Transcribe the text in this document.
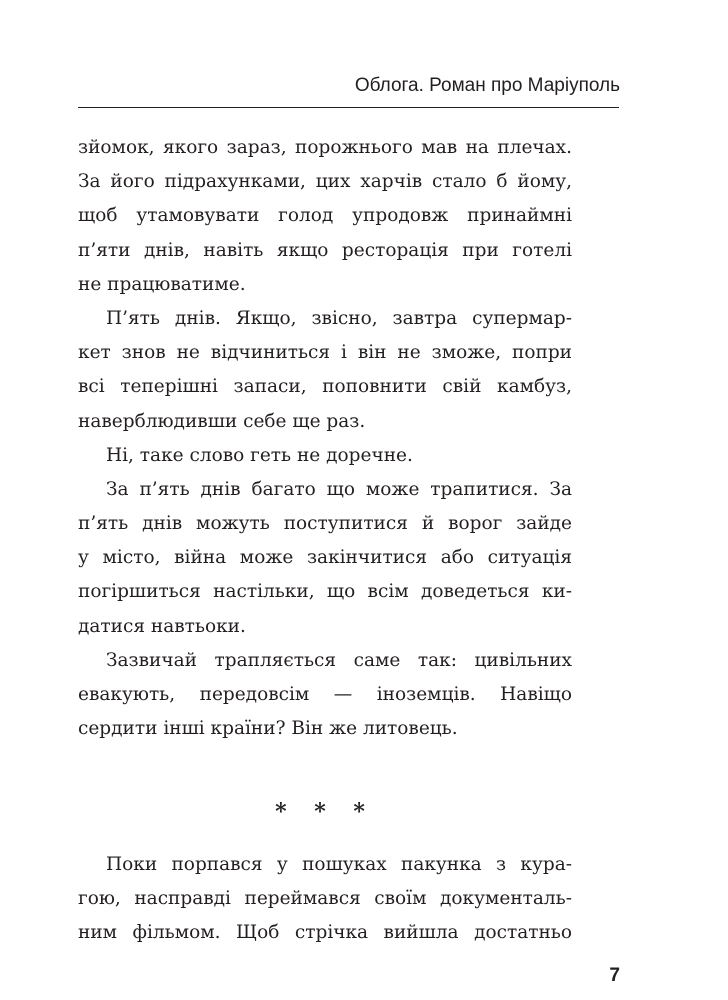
Облога. Роман про Маріуполь
зйомок, якого зараз, порожнього мав на плечах.
За його підрахунками, цих харчів стало б йому,
щоб утамовувати голод упродовж принаймні
п’яти днів, навіть якщо ресторація при готелі
не працюватиме.
П’ять днів. Якщо, звісно, завтра супермар-
кет знов не відчиниться і він не зможе, попри
всі теперішні запаси, поповнити свій камбуз,
наверблюдивши себе ще раз.
Ні, таке слово геть не доречне.
За п’ять днів багато що може трапитися. За
п’ять днів можуть поступитися й ворог зайде
у місто, війна може закінчитися або ситуація
погіршиться настільки, що всім доведеться ки-
датися навтьоки.
Зазвичай трапляється саме так: цивільних
евакують, передовсім — іноземців. Навіщо
сердити інші країни? Він же литовець.
* * *
Поки порпався у пошуках пакунка з кура-
гою, насправді переймався своїм документаль-
ним фільмом. Щоб стрічка вийшла достатньо
7
